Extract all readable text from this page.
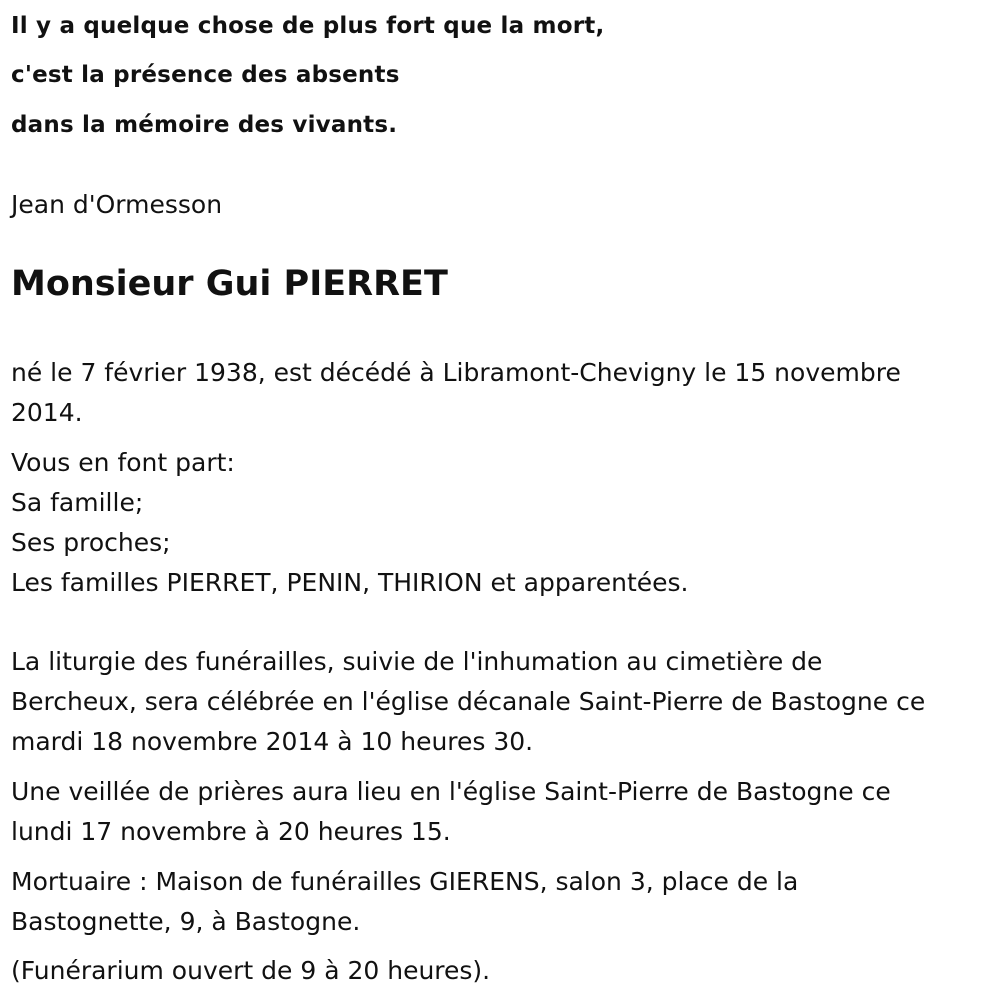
Il y a quelque chose de plus fort que la mort,
c'est la présence des absents
dans la mémoire des vivants.
Jean d'Ormesson
Monsieur Gui PIERRET
né le 7 février 1938, est décédé à Libramont-Chevigny le 15 novembre
2014.
Vous en font part:
Sa famille;
Ses proches;
Les familles PIERRET, PENIN, THIRION et apparentées.
La liturgie des funérailles, suivie de l'inhumation au cimetière de
Bercheux, sera célébrée en l'église décanale Saint-Pierre de Bastogne ce
mardi 18 novembre 2014 à 10 heures 30.
Une veillée de prières aura lieu en l'église Saint-Pierre de Bastogne ce
lundi 17 novembre à 20 heures 15.
Mortuaire : Maison de funérailles GIERENS, salon 3, place de la
Bastognette, 9, à Bastogne.
(Funérarium ouvert de 9 à 20 heures).
